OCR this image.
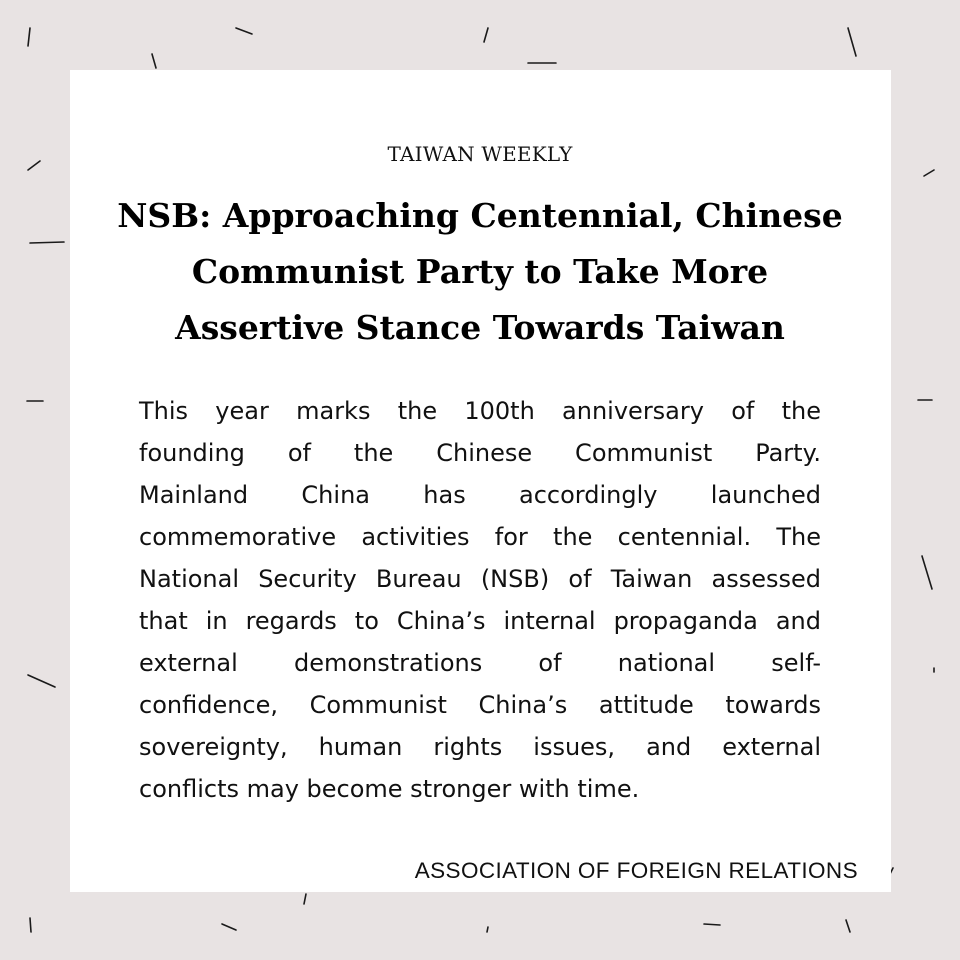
TAIWAN WEEKLY
NSB: Approaching Centennial, Chinese
Communist Party to Take More
Assertive Stance Towards Taiwan
This year marks the 100th anniversary of the
founding of the Chinese Communist Party.
Mainland China has accordingly launched
commemorative activities for the centennial. The
National Security Bureau (NSB) of Taiwan assessed
that in regards to China’s internal propaganda and
external demonstrations of national self-
confidence, Communist China’s attitude towards
sovereignty, human rights issues, and external
conflicts may become stronger with time.
ASSOCIATION OF FOREIGN RELATIONS
